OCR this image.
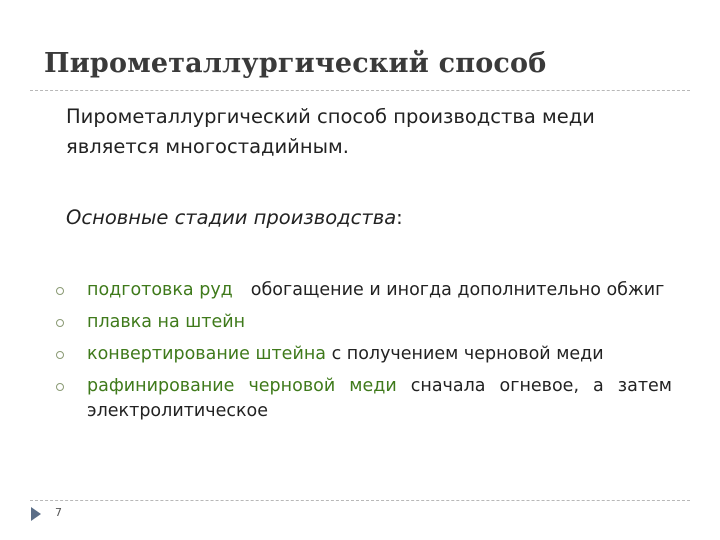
Пирометаллургический способ
Пирометаллургический способ производства меди является многостадийным.
Основные стадии производства:
подготовка руд обогащение и иногда дополнительно обжиг
плавка на штейн
конвертирование штейна с получением черновой меди
рафинирование черновой меди сначала огневое, а затем электролитическое
7
